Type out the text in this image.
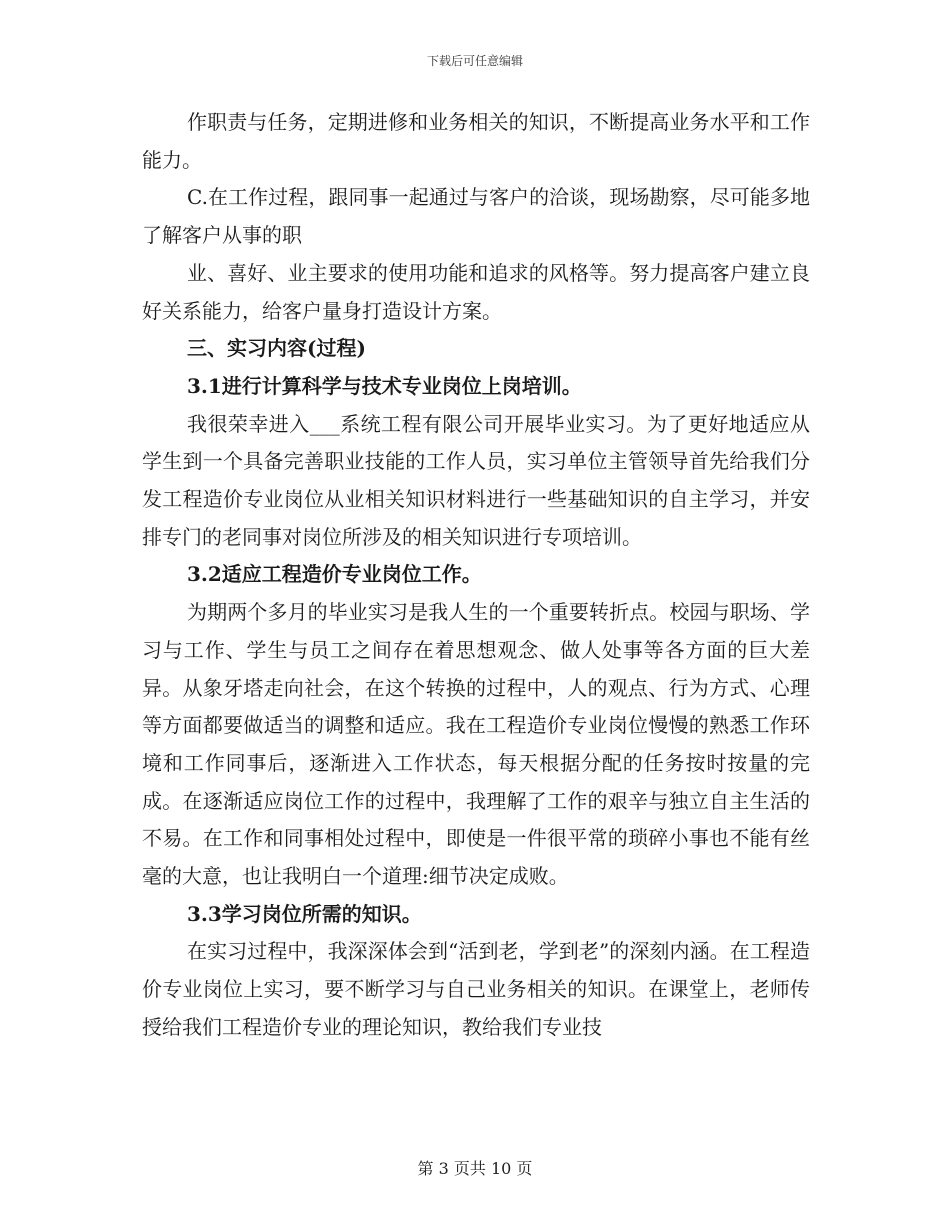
下载后可任意编辑

作职责与任务，定期进修和业务相关的知识，不断提高业务水平和工作能力。

C.在工作过程，跟同事一起通过与客户的洽谈，现场勘察，尽可能多地了解客户从事的职

业、喜好、业主要求的使用功能和追求的风格等。努力提高客户建立良好关系能力，给客户量身打造设计方案。

三、实习内容(过程)

3.1进行计算科学与技术专业岗位上岗培训。

我很荣幸进入___系统工程有限公司开展毕业实习。为了更好地适应从学生到一个具备完善职业技能的工作人员，实习单位主管领导首先给我们分发工程造价专业岗位从业相关知识材料进行一些基础知识的自主学习，并安排专门的老同事对岗位所涉及的相关知识进行专项培训。

3.2适应工程造价专业岗位工作。

为期两个多月的毕业实习是我人生的一个重要转折点。校园与职场、学习与工作、学生与员工之间存在着思想观念、做人处事等各方面的巨大差异。从象牙塔走向社会，在这个转换的过程中，人的观点、行为方式、心理等方面都要做适当的调整和适应。我在工程造价专业岗位慢慢的熟悉工作环境和工作同事后，逐渐进入工作状态，每天根据分配的任务按时按量的完成。在逐渐适应岗位工作的过程中，我理解了工作的艰辛与独立自主生活的不易。在工作和同事相处过程中，即使是一件很平常的琐碎小事也不能有丝毫的大意，也让我明白一个道理:细节决定成败。

3.3学习岗位所需的知识。

在实习过程中，我深深体会到“活到老，学到老”的深刻内涵。在工程造价专业岗位上实习，要不断学习与自己业务相关的知识。在课堂上，老师传授给我们工程造价专业的理论知识，教给我们专业技

第 3 页共 10 页
